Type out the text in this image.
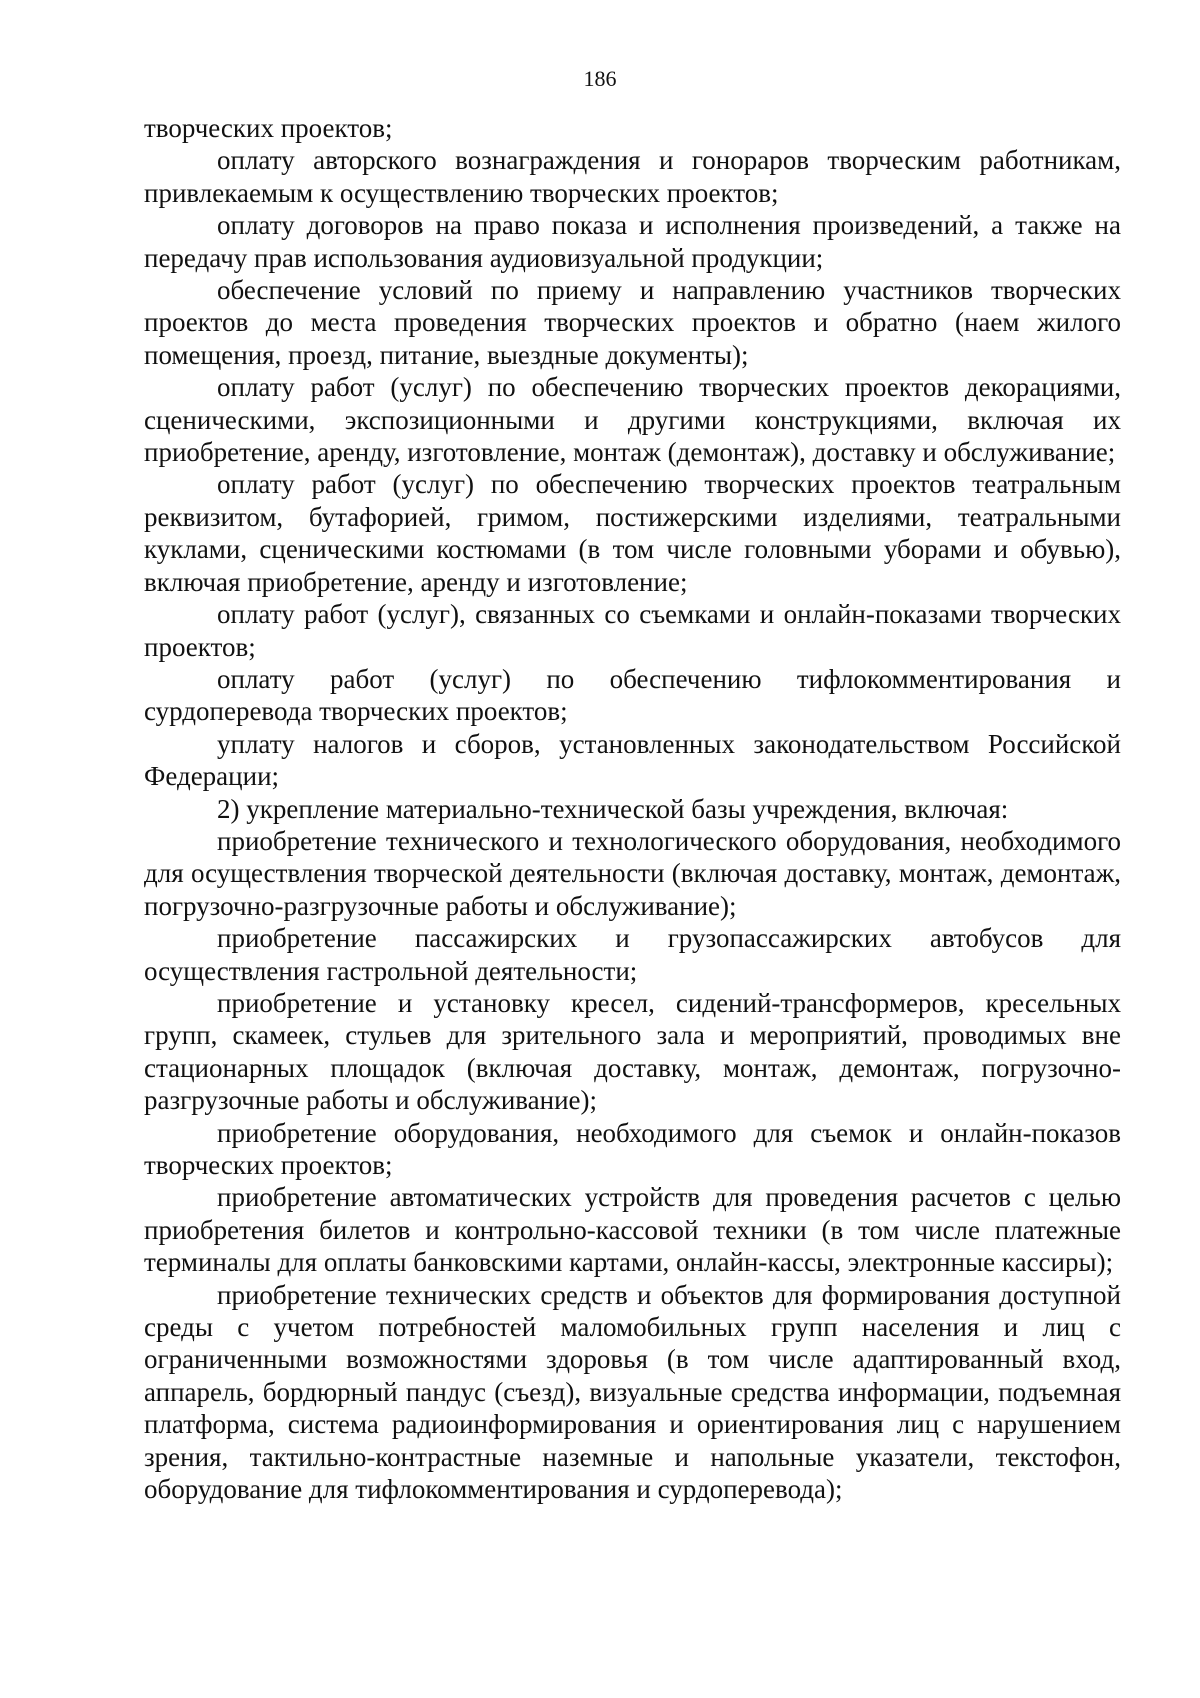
186

творческих проектов;

оплату авторского вознаграждения и гонораров творческим работникам, привлекаемым к осуществлению творческих проектов;

оплату договоров на право показа и исполнения произведений, а также на передачу прав использования аудиовизуальной продукции;

обеспечение условий по приему и направлению участников творческих проектов до места проведения творческих проектов и обратно (наем жилого помещения, проезд, питание, выездные документы);

оплату работ (услуг) по обеспечению творческих проектов декорациями, сценическими, экспозиционными и другими конструкциями, включая их приобретение, аренду, изготовление, монтаж (демонтаж), доставку и обслуживание;

оплату работ (услуг) по обеспечению творческих проектов театральным реквизитом, бутафорией, гримом, постижерскими изделиями, театральными куклами, сценическими костюмами (в том числе головными уборами и обувью), включая приобретение, аренду и изготовление;

оплату работ (услуг), связанных со съемками и онлайн-показами творческих проектов;

оплату работ (услуг) по обеспечению тифлокомментирования и сурдоперевода творческих проектов;

уплату налогов и сборов, установленных законодательством Российской Федерации;

2) укрепление материально-технической базы учреждения, включая:

приобретение технического и технологического оборудования, необходимого для осуществления творческой деятельности (включая доставку, монтаж, демонтаж, погрузочно-разгрузочные работы и обслуживание);

приобретение пассажирских и грузопассажирских автобусов для осуществления гастрольной деятельности;

приобретение и установку кресел, сидений-трансформеров, кресельных групп, скамеек, стульев для зрительного зала и мероприятий, проводимых вне стационарных площадок (включая доставку, монтаж, демонтаж, погрузочно-разгрузочные работы и обслуживание);

приобретение оборудования, необходимого для съемок и онлайн-показов творческих проектов;

приобретение автоматических устройств для проведения расчетов с целью приобретения билетов и контрольно-кассовой техники (в том числе платежные терминалы для оплаты банковскими картами, онлайн-кассы, электронные кассиры);

приобретение технических средств и объектов для формирования доступной среды с учетом потребностей маломобильных групп населения и лиц с ограниченными возможностями здоровья (в том числе адаптированный вход, аппарель, бордюрный пандус (съезд), визуальные средства информации, подъемная платформа, система радиоинформирования и ориентирования лиц с нарушением зрения, тактильно-контрастные наземные и напольные указатели, текстофон, оборудование для тифлокомментирования и сурдоперевода);
